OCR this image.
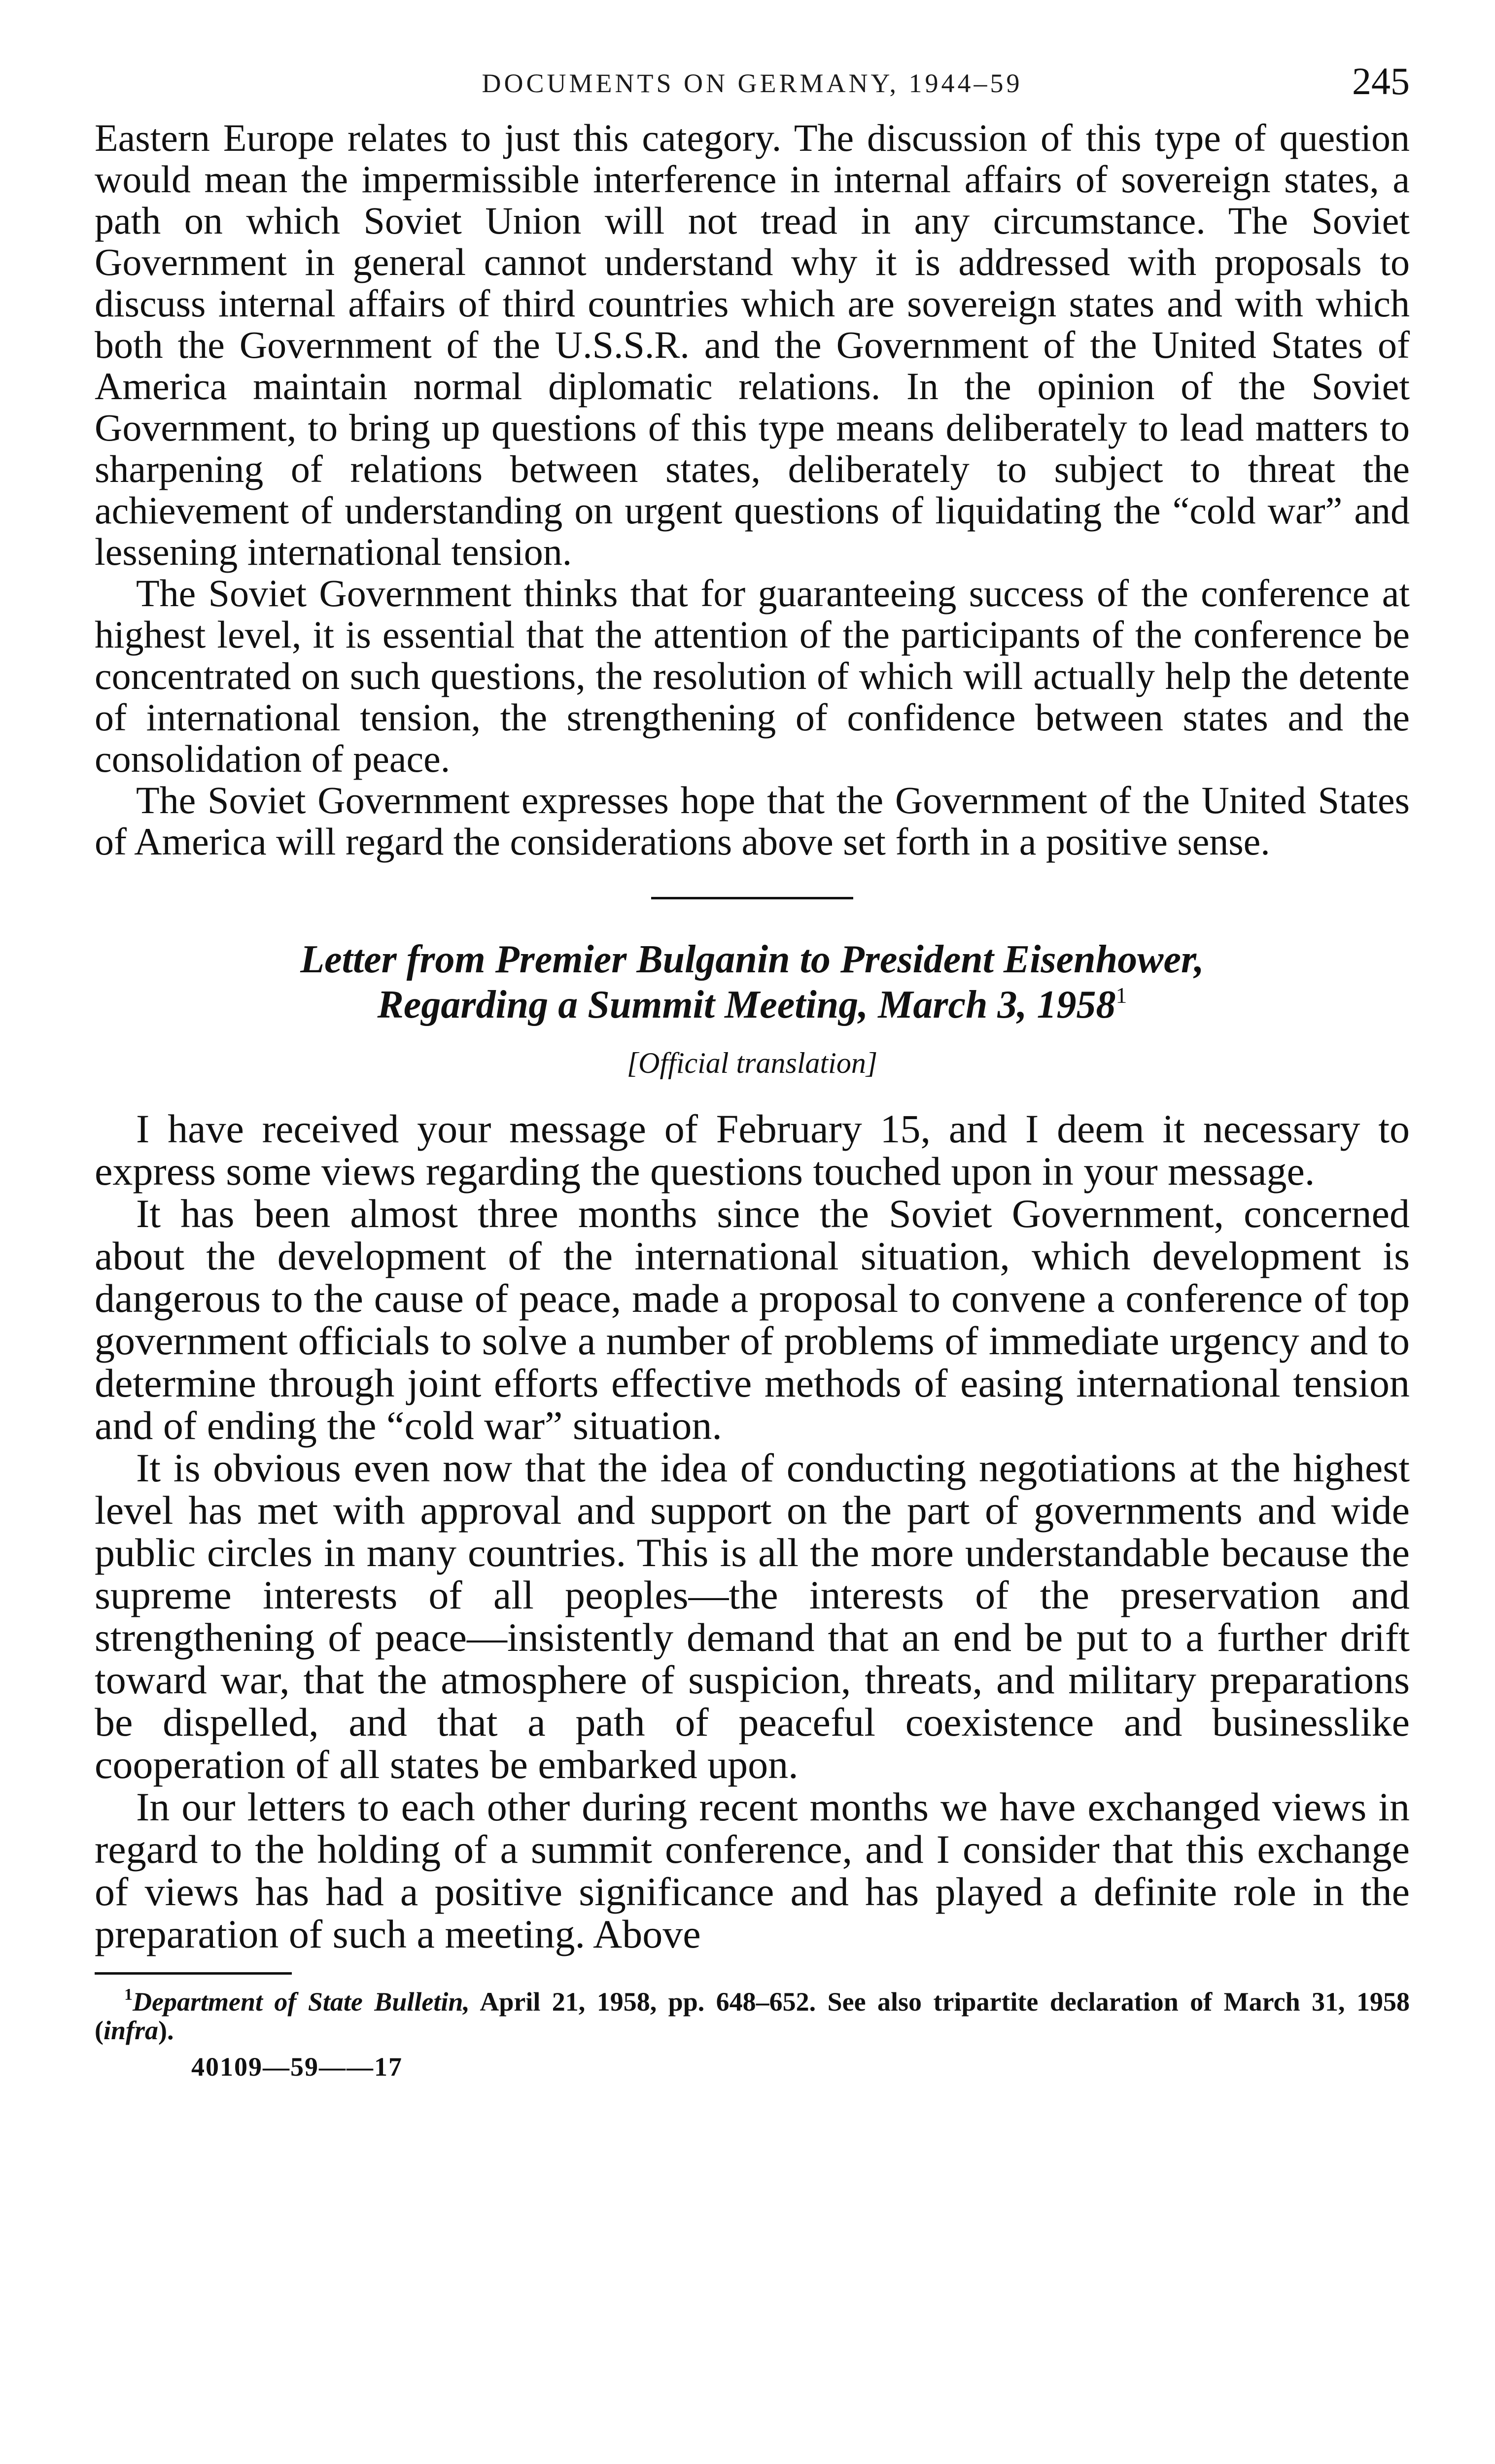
DOCUMENTS ON GERMANY, 1944–59	245

Eastern Europe relates to just this category. The discussion of this type of question would mean the impermissible interference in internal affairs of sovereign states, a path on which Soviet Union will not tread in any circumstance. The Soviet Government in general cannot understand why it is addressed with proposals to discuss internal affairs of third countries which are sovereign states and with which both the Government of the U.S.S.R. and the Government of the United States of America maintain normal diplomatic relations. In the opinion of the Soviet Government, to bring up questions of this type means deliberately to lead matters to sharpening of relations between states, deliberately to subject to threat the achievement of understanding on urgent questions of liquidating the “cold war” and lessening international tension.

The Soviet Government thinks that for guaranteeing success of the conference at highest level, it is essential that the attention of the participants of the conference be concentrated on such questions, the resolution of which will actually help the detente of international tension, the strengthening of confidence between states and the consolidation of peace.

The Soviet Government expresses hope that the Government of the United States of America will regard the considerations above set forth in a positive sense.

Letter from Premier Bulganin to President Eisenhower,
Regarding a Summit Meeting, March 3, 1958$^1$
[Official translation]

I have received your message of February 15, and I deem it necessary to express some views regarding the questions touched upon in your message.

It has been almost three months since the Soviet Government, concerned about the development of the international situation, which development is dangerous to the cause of peace, made a proposal to convene a conference of top government officials to solve a number of problems of immediate urgency and to determine through joint efforts effective methods of easing international tension and of ending the “cold war” situation.

It is obvious even now that the idea of conducting negotiations at the highest level has met with approval and support on the part of governments and wide public circles in many countries. This is all the more understandable because the supreme interests of all peoples—the interests of the preservation and strengthening of peace—insistently demand that an end be put to a further drift toward war, that the atmosphere of suspicion, threats, and military preparations be dispelled, and that a path of peaceful coexistence and businesslike cooperation of all states be embarked upon.

In our letters to each other during recent months we have exchanged views in regard to the holding of a summit conference, and I consider that this exchange of views has had a positive significance and has played a definite role in the preparation of such a meeting. Above

$^1$Department of State Bulletin, April 21, 1958, pp. 648–652. See also tripartite declaration of March 31, 1958 (infra).

40109—59——17
